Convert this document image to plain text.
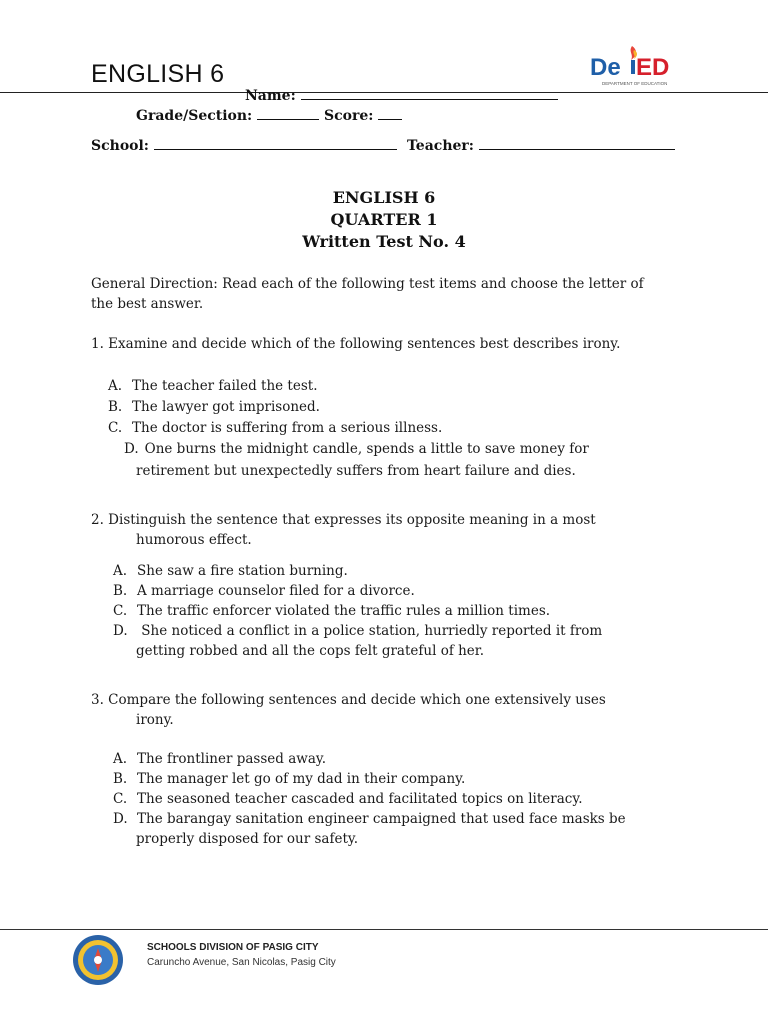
ENGLISH 6	De ED
DEPARTMENT OF EDUCATION
Name:
Grade/Section:	Score:
School:	Teacher:
ENGLISH 6
QUARTER 1
Written Test No. 4
General Direction: Read each of the following test items and choose the letter of
the best answer.
1. Examine and decide which of the following sentences best describes irony.
A. The teacher failed the test.
B. The lawyer got imprisoned.
C. The doctor is suffering from a serious illness.
D. One burns the midnight candle, spends a little to save money for
retirement but unexpectedly suffers from heart failure and dies.
2. Distinguish the sentence that expresses its opposite meaning in a most
humorous effect.
A. She saw a fire station burning.
B. A marriage counselor filed for a divorce.
C. The traffic enforcer violated the traffic rules a million times.
D. She noticed a conflict in a police station, hurriedly reported it from
getting robbed and all the cops felt grateful of her.
3. Compare the following sentences and decide which one extensively uses
irony.
A. The frontliner passed away.
B. The manager let go of my dad in their company.
C. The seasoned teacher cascaded and facilitated topics on literacy.
D. The barangay sanitation engineer campaigned that used face masks be
properly disposed for our safety.
SCHOOLS DIVISION OF PASIG CITY
Caruncho Avenue, San Nicolas, Pasig City
